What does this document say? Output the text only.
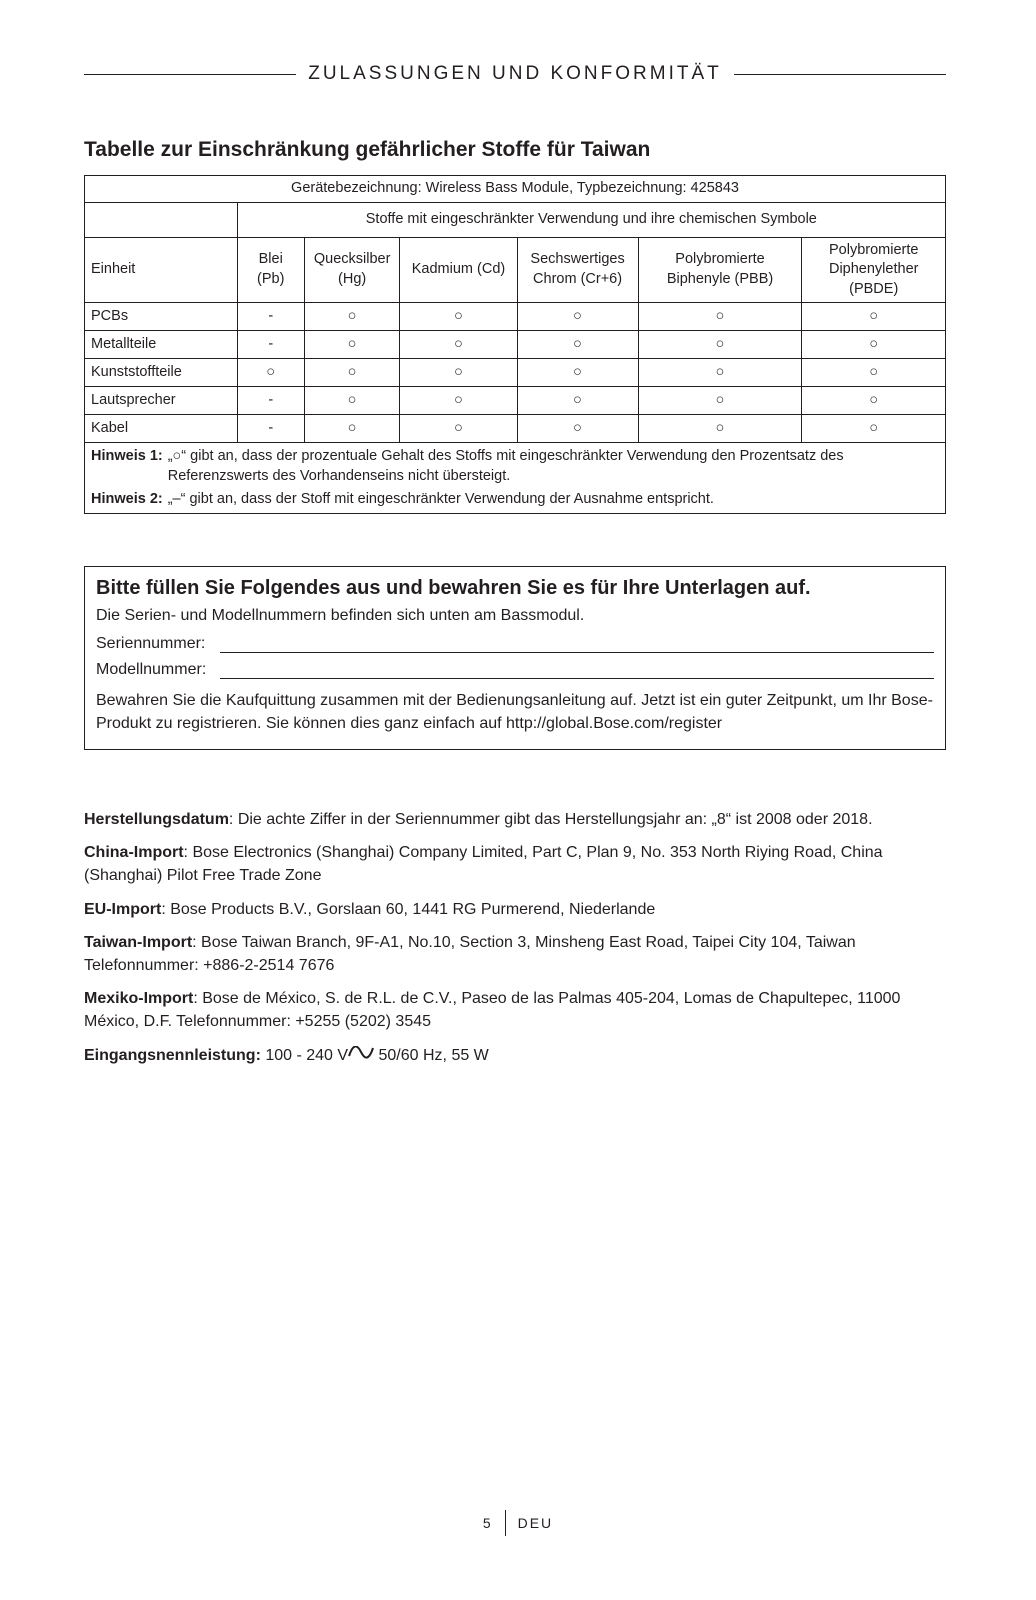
ZULASSUNGEN UND KONFORMITÄT
Tabelle zur Einschränkung gefährlicher Stoffe für Taiwan
Gerätebezeichnung: Wireless Bass Module, Typbezeichnung: 425843						
	Stoffe mit eingeschränkter Verwendung und ihre chemischen Symbole					
Einheit	Blei (Pb)	Quecksilber (Hg)	Kadmium (Cd)	Sechswertiges Chrom (Cr+6)	Polybromierte Biphenyle (PBB)	Polybromierte Diphenylether (PBDE)
PCBs	-	○	○	○	○	○
Metallteile	-	○	○	○	○	○
Kunststoffteile	○	○	○	○	○	○
Lautsprecher	-	○	○	○	○	○
Kabel	-	○	○	○	○	○

Hinweis 1: „○“ gibt an, dass der prozentuale Gehalt des Stoffs mit eingeschränkter Verwendung den Prozentsatz des Referenzswerts des Vorhandenseins nicht übersteigt.
Hinweis 2: „–“ gibt an, dass der Stoff mit eingeschränkter Verwendung der Ausnahme entspricht.						
Bitte füllen Sie Folgendes aus und bewahren Sie es für Ihre Unterlagen auf.

Die Serien- und Modellnummern befinden sich unten am Bassmodul.

Seriennummer:
Modellnummer:

Bewahren Sie die Kaufquittung zusammen mit der Bedienungsanleitung auf. Jetzt ist ein guter Zeitpunkt, um Ihr Bose-Produkt zu registrieren. Sie können dies ganz einfach auf http://global.Bose.com/register

Herstellungsdatum: Die achte Ziffer in der Seriennummer gibt das Herstellungsjahr an: „8“ ist 2008 oder 2018.

China-Import: Bose Electronics (Shanghai) Company Limited, Part C, Plan 9, No. 353 North Riying Road, China (Shanghai) Pilot Free Trade Zone

EU-Import: Bose Products B.V., Gorslaan 60, 1441 RG Purmerend, Niederlande

Taiwan-Import: Bose Taiwan Branch, 9F-A1, No.10, Section 3, Minsheng East Road, Taipei City 104, Taiwan Telefonnummer: +886-2-2514 7676

Mexiko-Import: Bose de México, S. de R.L. de C.V., Paseo de las Palmas 405-204, Lomas de Chapultepec, 11000 México, D.F. Telefonnummer: +5255 (5202) 3545

Eingangsnennleistung: 100 - 240 V 50/60 Hz, 55 W

5 DEU
